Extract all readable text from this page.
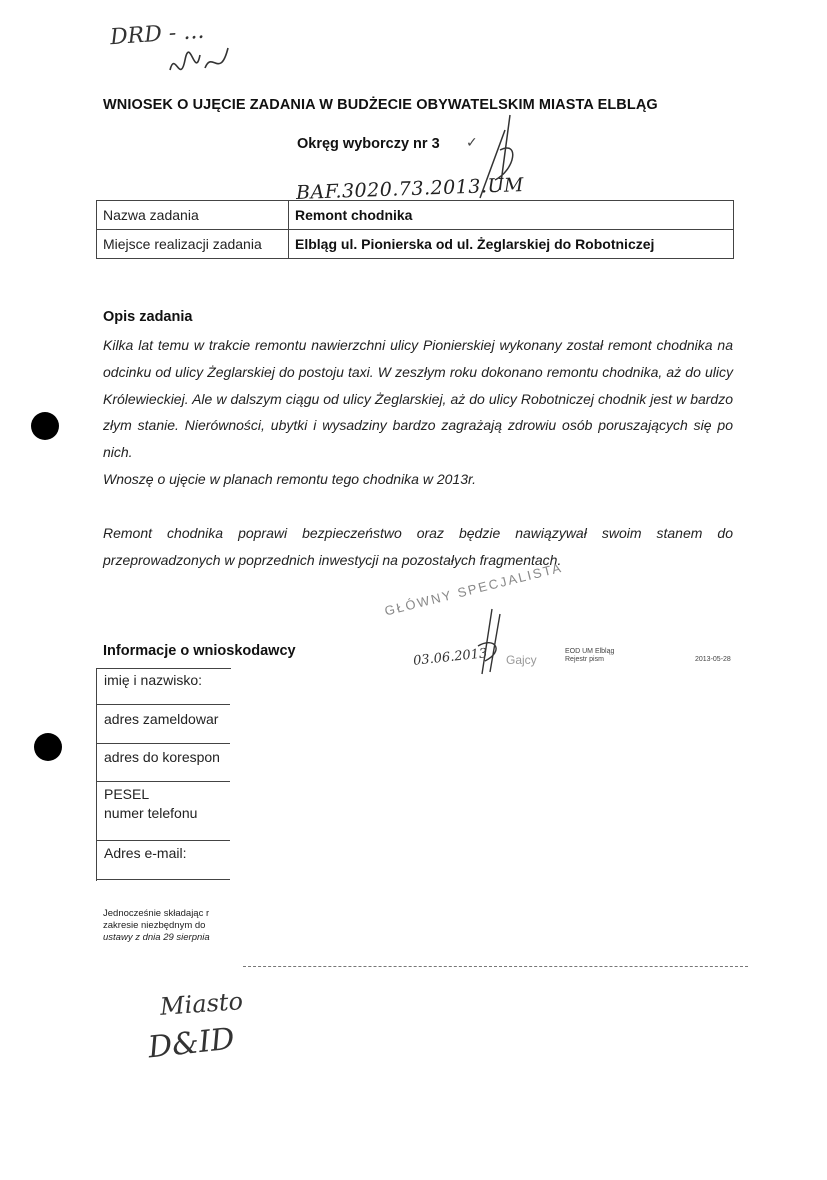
DRD - ...
WNIOSEK O UJĘCIE ZADANIA W BUDŻECIE OBYWATELSKIM MIASTA ELBLĄG
Okręg wyborczy nr 3 ✓
BAF.3020.73.2013.UM
Nazwa zadania	Remont chodnika
Miejsce realizacji zadania	Elbląg ul. Pionierska od ul. Żeglarskiej do Robotniczej
Opis zadania

Kilka lat temu w trakcie remontu nawierzchni ulicy Pionierskiej wykonany został remont chodnika na odcinku od ulicy Żeglarskiej do postoju taxi. W zeszłym roku dokonano remontu chodnika, aż do ulicy Królewieckiej. Ale w dalszym ciągu od ulicy Żeglarskiej, aż do ulicy Robotniczej chodnik jest w bardzo złym stanie. Nierówności, ubytki i wysadziny bardzo zagrażają zdrowiu osób poruszających się po nich.

Wnoszę o ujęcie w planach remontu tego chodnika w 2013r.

Remont chodnika poprawi bezpieczeństwo oraz będzie nawiązywał swoim stanem do przeprowadzonych w poprzednich inwestycji na pozostałych fragmentach.

GŁÓWNY SPECJALISTA
03.06.2013 Gajcy
EOD UM Elbląg
Rejestr pism	2013-05-28
Informacje o wnioskodawcy
imię i nazwisko:
adres zameldowar
adres do korespon
PESEL
numer telefonu
Adres e-mail:
Jednocześnie składając r
zakresie niezbędnym do
ustawy z dnia 29 sierpnia
Miasto
D&ID
